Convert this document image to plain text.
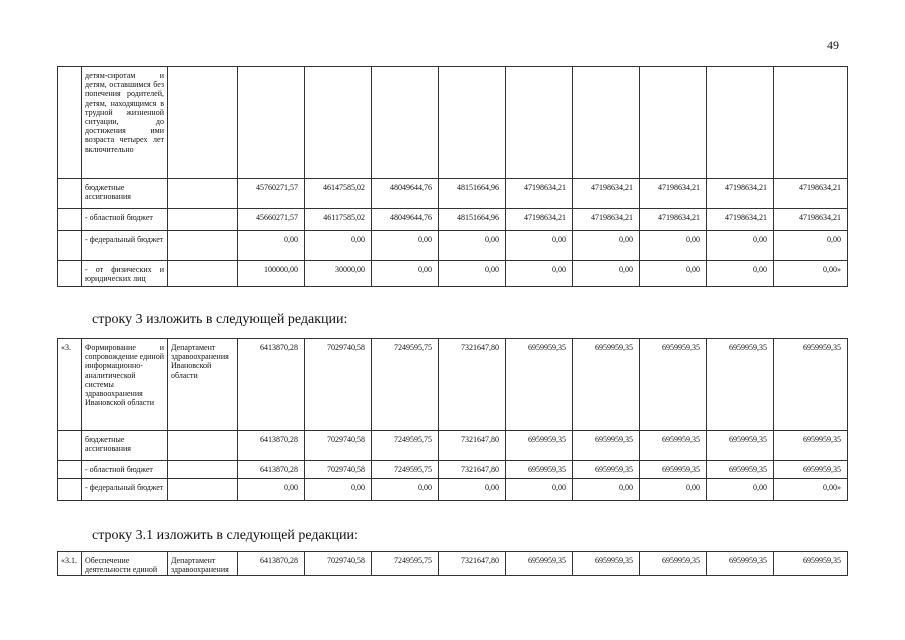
49
	детям-сиротам и детям, оставшимся без попечения родителей, детям, находящимся в трудной жизненной ситуации, до достижения ими возраста четырех лет включительно										
	бюджетные ассигнования		45760271,57	46147585,02	48049644,76	48151664,96	47198634,21	47198634,21	47198634,21	47198634,21	47198634,21
	- областной бюджет		45660271,57	46117585,02	48049644,76	48151664,96	47198634,21	47198634,21	47198634,21	47198634,21	47198634,21
	- федеральный бюджет		0,00	0,00	0,00	0,00	0,00	0,00	0,00	0,00	0,00
	- от физических и юридических лиц		100000,00	30000,00	0,00	0,00	0,00	0,00	0,00	0,00	0,00»
строку 3 изложить в следующей редакции:
«3.	Формирование и сопровождение единой информационно-аналитической системы здравоохранения Ивановской области	Департамент здравоохранения Ивановской области	6413870,28	7029740,58	7249595,75	7321647,80	6959959,35	6959959,35	6959959,35	6959959,35	6959959,35
	бюджетные ассигнования		6413870,28	7029740,58	7249595,75	7321647,80	6959959,35	6959959,35	6959959,35	6959959,35	6959959,35
	- областной бюджет		6413870,28	7029740,58	7249595,75	7321647,80	6959959,35	6959959,35	6959959,35	6959959,35	6959959,35
	- федеральный бюджет		0,00	0,00	0,00	0,00	0,00	0,00	0,00	0,00	0,00»
строку 3.1 изложить в следующей редакции:
«3.1.	Обеспечение деятельности единой	Департамент здравоохранения	6413870,28	7029740,58	7249595,75	7321647,80	6959959,35	6959959,35	6959959,35	6959959,35	6959959,35
